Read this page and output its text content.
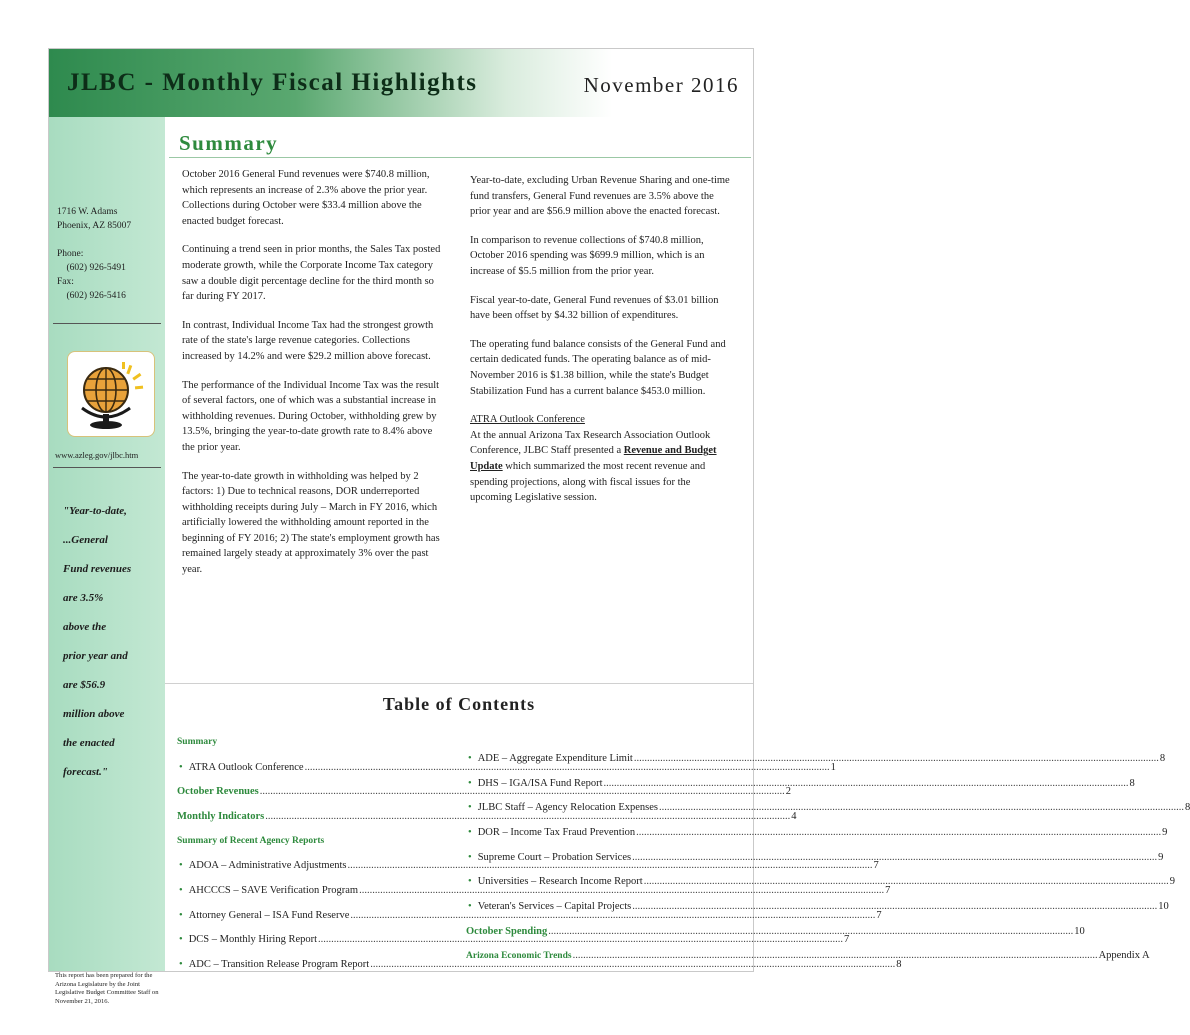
JLBC - Monthly Fiscal Highlights	November 2016
1716 W. Adams
Phoenix, AZ 85007

Phone:
(602) 926-5491
Fax:
(602) 926-5416
www.azleg.gov/jlbc.htm
"Year-to-date,
...General
Fund revenues
are 3.5%
above the
prior year and
are $56.9
million above
the enacted
forecast."
This report has been prepared for the Arizona Legislature by the Joint Legislative Budget Committee Staff on November 21, 2016.
Summary

October 2016 General Fund revenues were $740.8 million, which represents an increase of 2.3% above the prior year. Collections during October were $33.4 million above the enacted budget forecast.

Continuing a trend seen in prior months, the Sales Tax posted moderate growth, while the Corporate Income Tax category saw a double digit percentage decline for the third month so far during FY 2017.

In contrast, Individual Income Tax had the strongest growth rate of the state's large revenue categories. Collections increased by 14.2% and were $29.2 million above forecast.

The performance of the Individual Income Tax was the result of several factors, one of which was a substantial increase in withholding revenues. During October, withholding grew by 13.5%, bringing the year-to-date growth rate to 8.4% above the prior year.

The year-to-date growth in withholding was helped by 2 factors: 1) Due to technical reasons, DOR underreported withholding receipts during July – March in FY 2016, which artificially lowered the withholding amount reported in the beginning of FY 2016; 2) The state's employment growth has remained largely steady at approximately 3% over the past year.

Year-to-date, excluding Urban Revenue Sharing and one-time fund transfers, General Fund revenues are 3.5% above the prior year and are $56.9 million above the enacted forecast.

In comparison to revenue collections of $740.8 million, October 2016 spending was $699.9 million, which is an increase of $5.5 million from the prior year.

Fiscal year-to-date, General Fund revenues of $3.01 billion have been offset by $4.32 billion of expenditures.

The operating fund balance consists of the General Fund and certain dedicated funds. The operating balance as of mid-November 2016 is $1.38 billion, while the state's Budget Stabilization Fund has a current balance $453.0 million.

ATRA Outlook Conference
At the annual Arizona Tax Research Association Outlook Conference, JLBC Staff presented a Revenue and Budget Update which summarized the most recent revenue and spending projections, along with fiscal issues for the upcoming Legislative session.

Table of Contents
Summary
• ATRA Outlook Conference ........................................................................................................................................................................................................ 1
October Revenues ........................................................................................................................................................................................................ 2
Monthly Indicators ........................................................................................................................................................................................................ 4
Summary of Recent Agency Reports
• ADOA – Administrative Adjustments ........................................................................................................................................................................................................ 7
• AHCCCS – SAVE Verification Program ........................................................................................................................................................................................................ 7
• Attorney General – ISA Fund Reserve ........................................................................................................................................................................................................ 7
• DCS – Monthly Hiring Report ........................................................................................................................................................................................................ 7
• ADC – Transition Release Program Report ........................................................................................................................................................................................................ 8
• ADE – Aggregate Expenditure Limit ........................................................................................................................................................................................................ 8
• DHS – IGA/ISA Fund Report ........................................................................................................................................................................................................ 8
• JLBC Staff – Agency Relocation Expenses ........................................................................................................................................................................................................ 8
• DOR – Income Tax Fraud Prevention ........................................................................................................................................................................................................ 9
• Supreme Court – Probation Services ........................................................................................................................................................................................................ 9
• Universities – Research Income Report ........................................................................................................................................................................................................ 9
• Veteran's Services – Capital Projects ........................................................................................................................................................................................................ 10
October Spending ........................................................................................................................................................................................................ 10
Arizona Economic Trends ........................................................................................................................................................................................................ Appendix A
